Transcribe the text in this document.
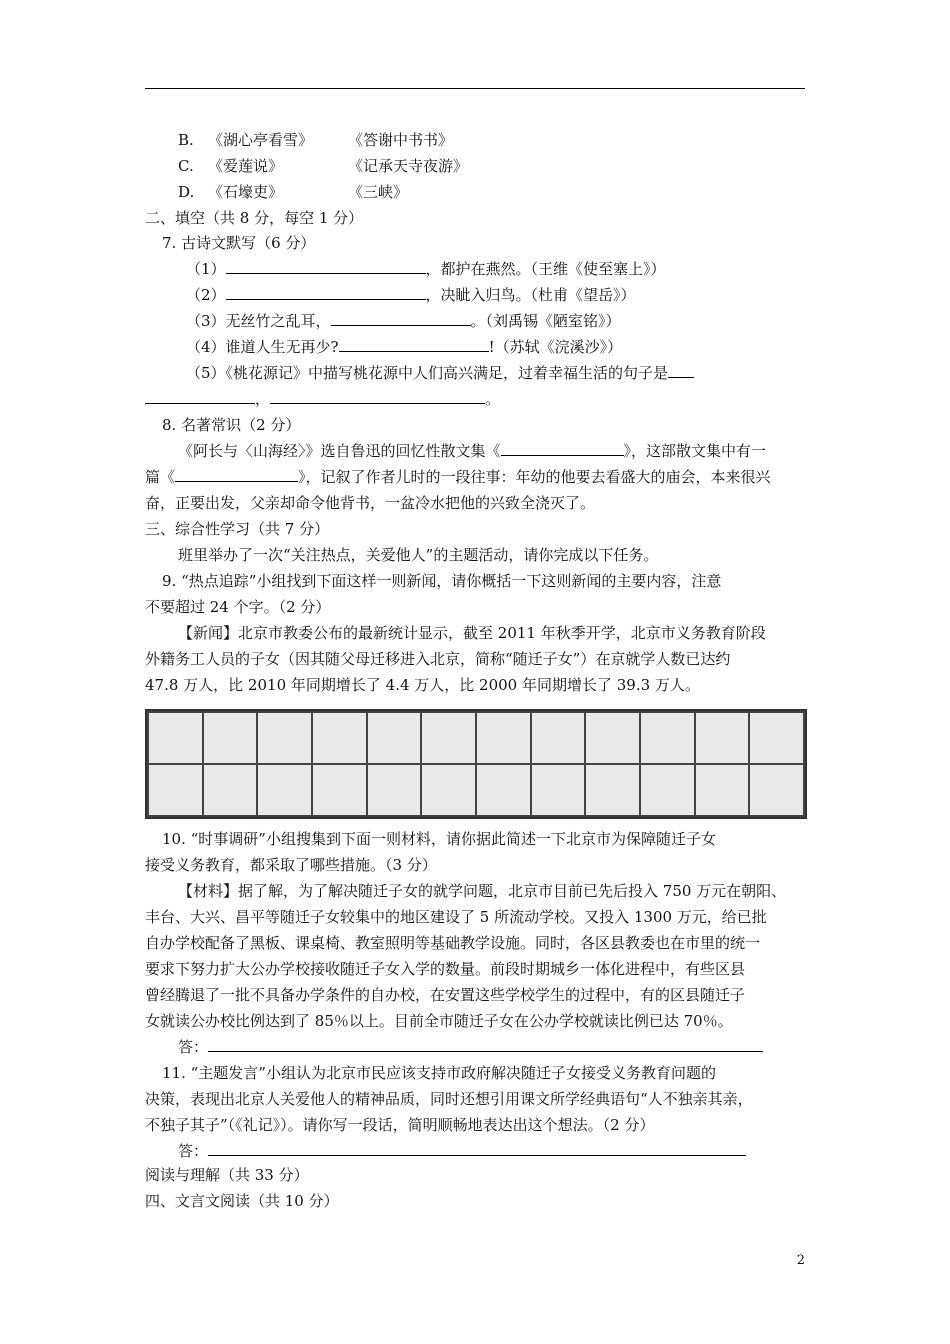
B. 《湖心亭看雪》 《答谢中书书》
C. 《爱莲说》	《记承天寺夜游》
D. 《石壕吏》	《三峡》
二、填空（共 8 分，每空 1 分）
7. 古诗文默写（6 分）
（1）	，都护在燕然。（王维《使至塞上》）
（2）	，决眦入归鸟。（杜甫《望岳》）
（3）无丝竹之乱耳，	。（刘禹锡《陋室铭》）
（4）谁道人生无再少?	!（苏轼《浣溪沙》）
（5）《桃花源记》中描写桃花源中人们高兴满足，过着幸福生活的句子是
，	。
8. 名著常识（2 分）
《阿长与〈山海经〉》选自鲁迅的回忆性散文集《	》，这部散文集中有一
篇《	》，记叙了作者儿时的一段往事：年幼的他要去看盛大的庙会，本来很兴
奋，正要出发，父亲却命令他背书，一盆冷水把他的兴致全浇灭了。
三、综合性学习（共 7 分）
班里举办了一次“关注热点，关爱他人”的主题活动，请你完成以下任务。
9. “热点追踪”小组找到下面这样一则新闻，请你概括一下这则新闻的主要内容，注意
不要超过 24 个字。（2 分）
【新闻】北京市教委公布的最新统计显示，截至 2011 年秋季开学，北京市义务教育阶段
外籍务工人员的子女（因其随父母迁移进入北京，简称“随迁子女”）在京就学人数已达约
47.8 万人，比 2010 年同期增长了 4.4 万人，比 2000 年同期增长了 39.3 万人。

10. “时事调研”小组搜集到下面一则材料，请你据此简述一下北京市为保障随迁子女
接受义务教育，都采取了哪些措施。（3 分）
【材料】据了解，为了解决随迁子女的就学问题，北京市目前已先后投入 750 万元在朝阳、
丰台、大兴、昌平等随迁子女较集中的地区建设了 5 所流动学校。又投入 1300 万元，给已批
自办学校配备了黑板、课桌椅、教室照明等基础教学设施。同时，各区县教委也在市里的统一
要求下努力扩大公办学校接收随迁子女入学的数量。前段时期城乡一体化进程中，有些区县
曾经腾退了一批不具备办学条件的自办校，在安置这些学校学生的过程中，有的区县随迁子
女就读公办校比例达到了 85％以上。目前全市随迁子女在公办学校就读比例已达 70％。
答：
11. “主题发言”小组认为北京市民应该支持市政府解决随迁子女接受义务教育问题的
决策，表现出北京人关爱他人的精神品质，同时还想引用课文所学经典语句“人不独亲其亲，
不独子其子”（《礼记》）。请你写一段话，简明顺畅地表达出这个想法。（2 分）
答：
阅读与理解（共 33 分）
四、文言文阅读（共 10 分）
2
